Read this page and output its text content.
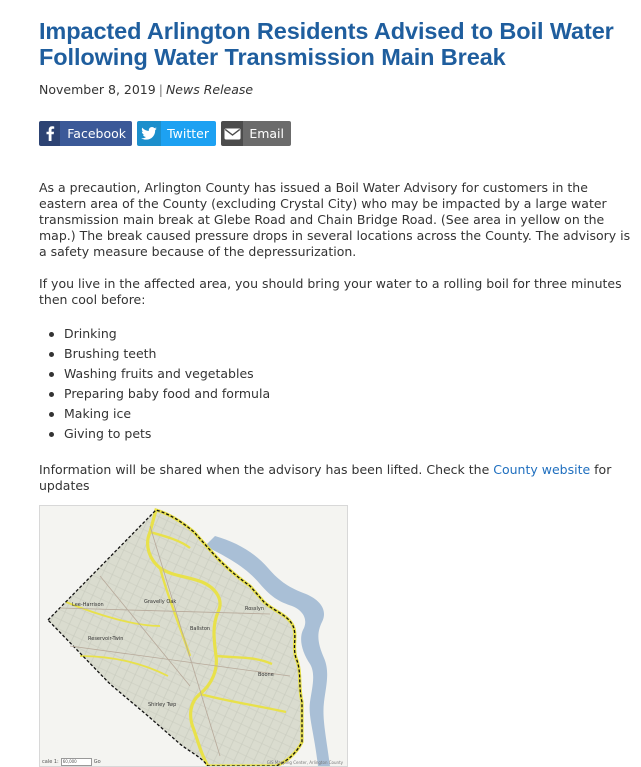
Impacted Arlington Residents Advised to Boil Water Following Water Transmission Main Break
November 8, 2019 | News Release
Facebook	Twitter	Email

As a precaution, Arlington County has issued a Boil Water Advisory for customers in the eastern area of the County (excluding Crystal City) who may be impacted by a large water transmission main break at Glebe Road and Chain Bridge Road. (See area in yellow on the map.) The break caused pressure drops in several locations across the County. The advisory is a safety measure because of the depressurization.

If you live in the affected area, you should bring your water to a rolling boil for three minutes then cool before:

Drinking
Brushing teeth
Washing fruits and vegetables
Preparing baby food and formula
Making ice
Giving to pets

Information will be shared when the advisory has been lifted. Check the County website for updates

Lee-Harrison	Gravelly Oak
Rosslyn
Ballston
Reservoir-Twin
Boone
Shirley Twp
cale 1:	60,000	Go	GIS Mapping Center, Arlington County
